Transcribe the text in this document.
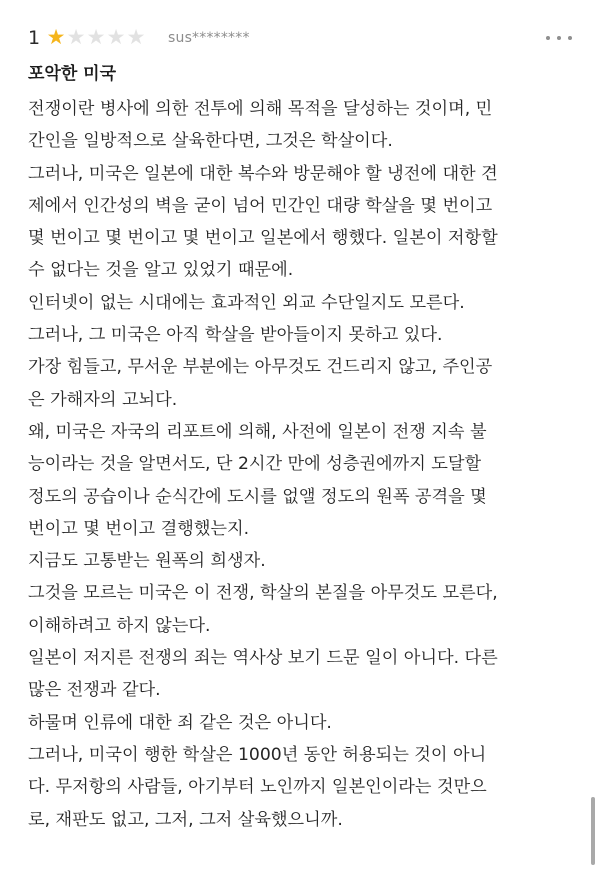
1 ★ ★ ★ ★ ★ sus********
포악한 미국
전쟁이란 병사에 의한 전투에 의해 목적을 달성하는 것이며, 민
간인을 일방적으로 살육한다면, 그것은 학살이다.
그러나, 미국은 일본에 대한 복수와 방문해야 할 냉전에 대한 견
제에서 인간성의 벽을 굳이 넘어 민간인 대량 학살을 몇 번이고
몇 번이고 몇 번이고 몇 번이고 일본에서 행했다. 일본이 저항할
수 없다는 것을 알고 있었기 때문에.
인터넷이 없는 시대에는 효과적인 외교 수단일지도 모른다.
그러나, 그 미국은 아직 학살을 받아들이지 못하고 있다.
가장 힘들고, 무서운 부분에는 아무것도 건드리지 않고, 주인공
은 가해자의 고뇌다.
왜, 미국은 자국의 리포트에 의해, 사전에 일본이 전쟁 지속 불
능이라는 것을 알면서도, 단 2시간 만에 성층권에까지 도달할
정도의 공습이나 순식간에 도시를 없앨 정도의 원폭 공격을 몇
번이고 몇 번이고 결행했는지.
지금도 고통받는 원폭의 희생자.
그것을 모르는 미국은 이 전쟁, 학살의 본질을 아무것도 모른다,
이해하려고 하지 않는다.
일본이 저지른 전쟁의 죄는 역사상 보기 드문 일이 아니다. 다른
많은 전쟁과 같다.
하물며 인류에 대한 죄 같은 것은 아니다.
그러나, 미국이 행한 학살은 1000년 동안 허용되는 것이 아니
다. 무저항의 사람들, 아기부터 노인까지 일본인이라는 것만으
로, 재판도 없고, 그저, 그저 살육했으니까.
